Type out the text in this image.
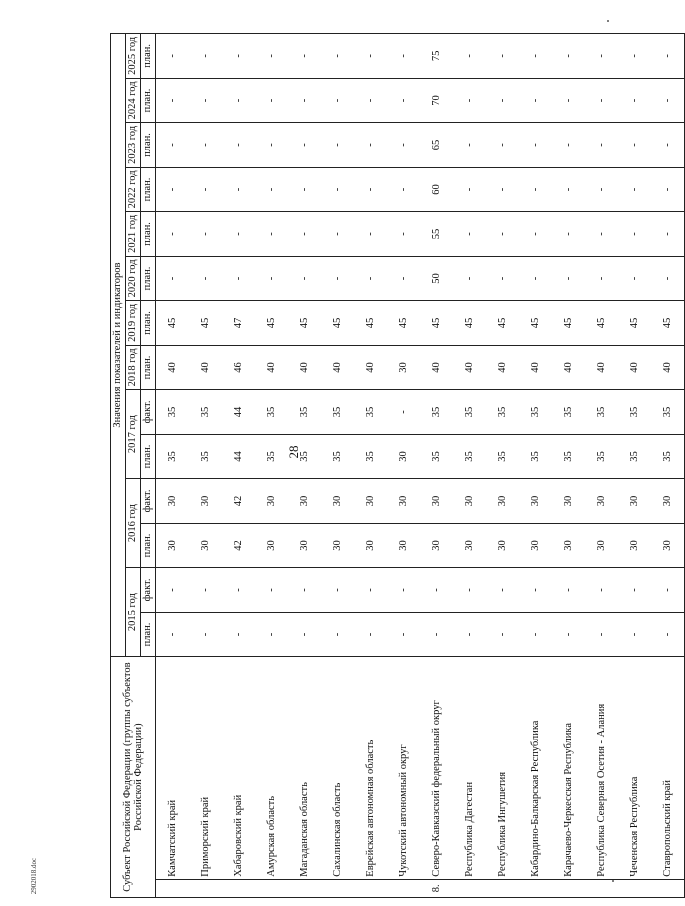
28
Субъект Российской Федерации (группы субъектов Российской Федерации)		Значения показателей и индикаторов													
		2015 год		2016 год		2017 год		2018 год	2019 год	2020 год	2021 год	2022 год	2023 год	2024 год	2025 год
		план.	факт.	план.	факт.	план.	факт.	план.	план.	план.	план.	план.	план.	план.	план.
	Камчатский край	-	-	30	30	35	35	40	45	-	-	-	-	-	-
	Приморский край	-	-	30	30	35	35	40	45	-	-	-	-	-	-
	Хабаровский край	-	-	42	42	44	44	46	47	-	-	-	-	-	-
	Амурская область	-	-	30	30	35	35	40	45	-	-	-	-	-	-
	Магаданская область	-	-	30	30	35	35	40	45	-	-	-	-	-	-
	Сахалинская область	-	-	30	30	35	35	40	45	-	-	-	-	-	-
	Еврейская автономная область	-	-	30	30	35	35	40	45	-	-	-	-	-	-
	Чукотский автономный округ	-	-	30	30	30	-	30	45	-	-	-	-	-	-
8.	Северо-Кавказский федеральный округ	-	-	30	30	35	35	40	45	50	55	60	65	70	75
	Республика Дагестан	-	-	30	30	35	35	40	45	-	-	-	-	-	-
	Республика Ингушетия	-	-	30	30	35	35	40	45	-	-	-	-	-	-
	Кабардино-Балкарская Республика	-	-	30	30	35	35	40	45	-	-	-	-	-	-
	Карачаево-Черкесская Республика	-	-	30	30	35	35	40	45	-	-	-	-	-	-
	Республика Северная Осетия - Алания	-	-	30	30	35	35	40	45	-	-	-	-	-	-
	Чеченская Республика	-	-	30	30	35	35	40	45	-	-	-	-	-	-
	Ставропольский край	-	-	30	30	35	35	40	45	-	-	-	-	-	-
2902018.doc
